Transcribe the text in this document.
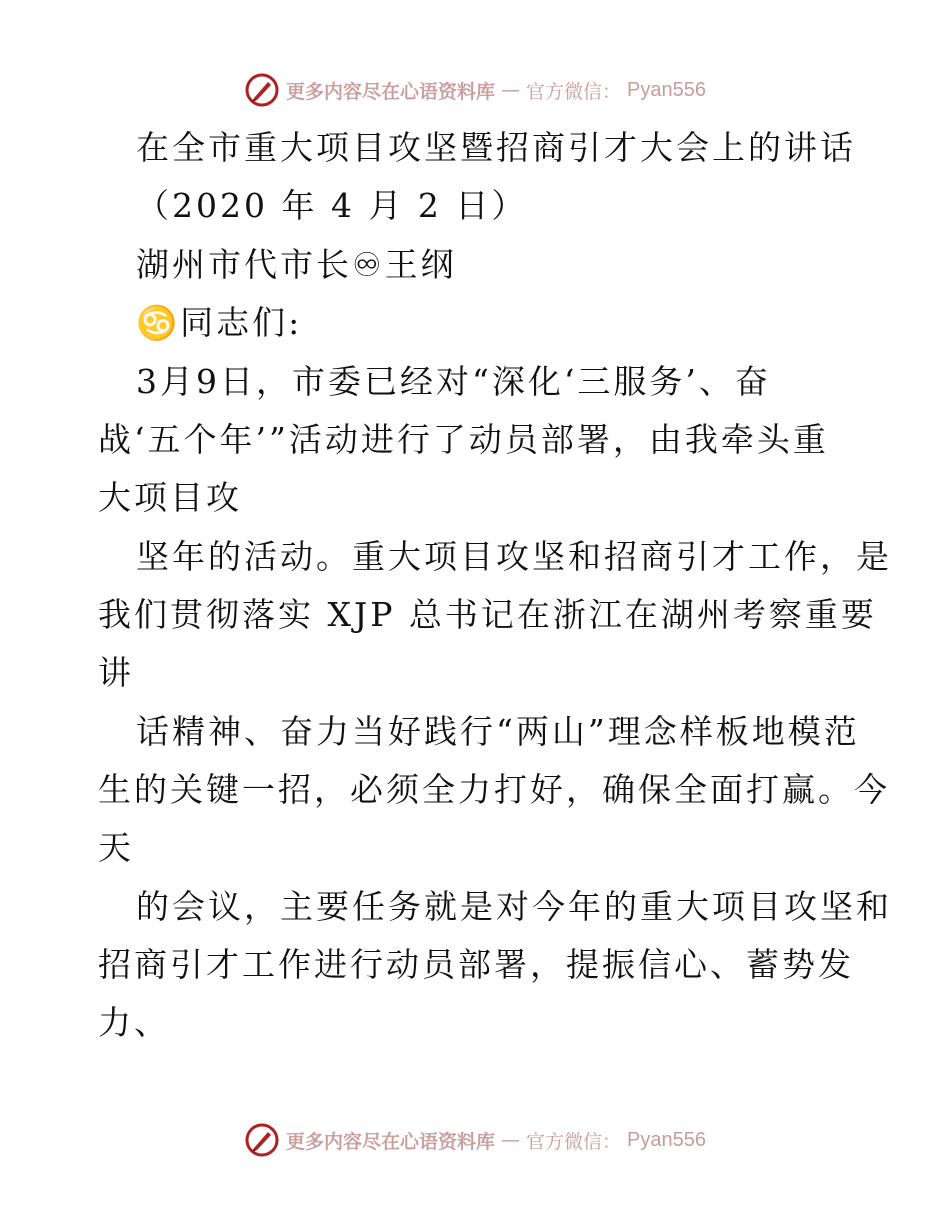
更多内容尽在心语资料库 — 官方微信： Pyan556
在全市重大项目攻坚暨招商引才大会上的讲话
（2020 年 4 月 2 日）
湖州市代市长♾王纲
♋同志们:
3月9日，市委已经对“深化‘三服务’、奋
战‘五个年’”活动进行了动员部署，由我牵头重
大项目攻
坚年的活动。重大项目攻坚和招商引才工作，是
我们贯彻落实 XJP 总书记在浙江在湖州考察重要
讲
话精神、奋力当好践行“两山”理念样板地模范
生的关键一招，必须全力打好，确保全面打赢。今
天
的会议，主要任务就是对今年的重大项目攻坚和
招商引才工作进行动员部署，提振信心、蓄势发
力、
更多内容尽在心语资料库 — 官方微信： Pyan556
